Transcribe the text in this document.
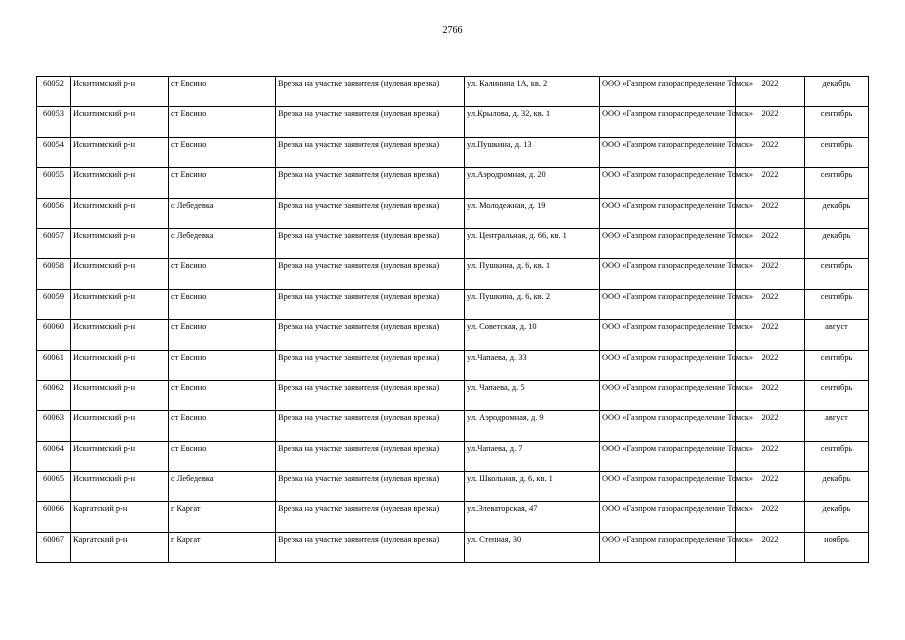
2766
60052	Искитимский р-н	ст Евсино	Врезка на участке заявителя (нулевая врезка)	ул. Калинина 1А, кв. 2	ООО «Газпром газораспределение Томск»	2022	декабрь
60053	Искитимский р-н	ст Евсино	Врезка на участке заявителя (нулевая врезка)	ул.Крылова, д. 32, кв. 1	ООО «Газпром газораспределение Томск»	2022	сентябрь
60054	Искитимский р-н	ст Евсино	Врезка на участке заявителя (нулевая врезка)	ул.Пушкина, д. 13	ООО «Газпром газораспределение Томск»	2022	сентябрь
60055	Искитимский р-н	ст Евсино	Врезка на участке заявителя (нулевая врезка)	ул.Аэродромная, д. 20	ООО «Газпром газораспределение Томск»	2022	сентябрь
60056	Искитимский р-н	с Лебедевка	Врезка на участке заявителя (нулевая врезка)	ул. Молодежная, д. 19	ООО «Газпром газораспределение Томск»	2022	декабрь
60057	Искитимский р-н	с Лебедевка	Врезка на участке заявителя (нулевая врезка)	ул. Центральная, д. 66, кв. 1	ООО «Газпром газораспределение Томск»	2022	декабрь
60058	Искитимский р-н	ст Евсино	Врезка на участке заявителя (нулевая врезка)	ул. Пушкина, д. 6, кв. 1	ООО «Газпром газораспределение Томск»	2022	сентябрь
60059	Искитимский р-н	ст Евсино	Врезка на участке заявителя (нулевая врезка)	ул. Пушкина, д. 6, кв. 2	ООО «Газпром газораспределение Томск»	2022	сентябрь
60060	Искитимский р-н	ст Евсино	Врезка на участке заявителя (нулевая врезка)	ул. Советская, д. 10	ООО «Газпром газораспределение Томск»	2022	август
60061	Искитимский р-н	ст Евсино	Врезка на участке заявителя (нулевая врезка)	ул.Чапаева, д. 33	ООО «Газпром газораспределение Томск»	2022	сентябрь
60062	Искитимский р-н	ст Евсино	Врезка на участке заявителя (нулевая врезка)	ул. Чапаева, д. 5	ООО «Газпром газораспределение Томск»	2022	сентябрь
60063	Искитимский р-н	ст Евсино	Врезка на участке заявителя (нулевая врезка)	ул. Аэродромная, д. 9	ООО «Газпром газораспределение Томск»	2022	август
60064	Искитимский р-н	ст Евсино	Врезка на участке заявителя (нулевая врезка)	ул.Чапаева, д. 7	ООО «Газпром газораспределение Томск»	2022	сентябрь
60065	Искитимский р-н	с Лебедевка	Врезка на участке заявителя (нулевая врезка)	ул. Школьная, д. 6, кв. 1	ООО «Газпром газораспределение Томск»	2022	декабрь
60066	Каргатский р-н	г Каргат	Врезка на участке заявителя (нулевая врезка)	ул.Элеваторская, 47	ООО «Газпром газораспределение Томск»	2022	декабрь
60067	Каргатский р-н	г Каргат	Врезка на участке заявителя (нулевая врезка)	ул. Степная, 30	ООО «Газпром газораспределение Томск»	2022	ноябрь
